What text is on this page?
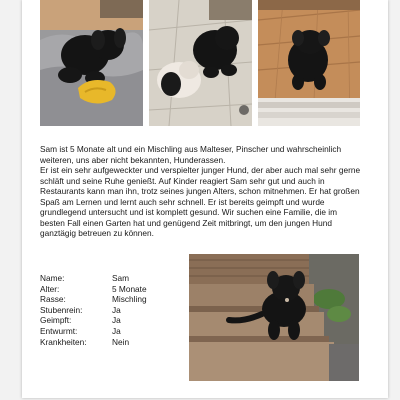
Sam ist 5 Monate alt und ein Mischling aus Malteser, Pinscher und wahrscheinlich weiteren, uns aber nicht bekannten, Hunderassen.

Er ist ein sehr aufgeweckter und verspielter junger Hund, der aber auch mal sehr gerne schläft und seine Ruhe genießt. Auf Kinder reagiert Sam sehr gut und auch in Restaurants kann man ihn, trotz seines jungen Alters, schon mitnehmen. Er hat großen Spaß am Lernen und lernt auch sehr schnell. Er ist bereits geimpft und wurde grundlegend untersucht und ist komplett gesund. Wir suchen eine Familie, die im besten Fall einen Garten hat und genügend Zeit mitbringt, um den jungen Hund ganztägig betreuen zu können.

Name:	Sam
Alter:	5 Monate
Rasse:	Mischling
Stubenrein:	Ja
Geimpft:	Ja
Entwurmt:	Ja
Krankheiten:	Nein
